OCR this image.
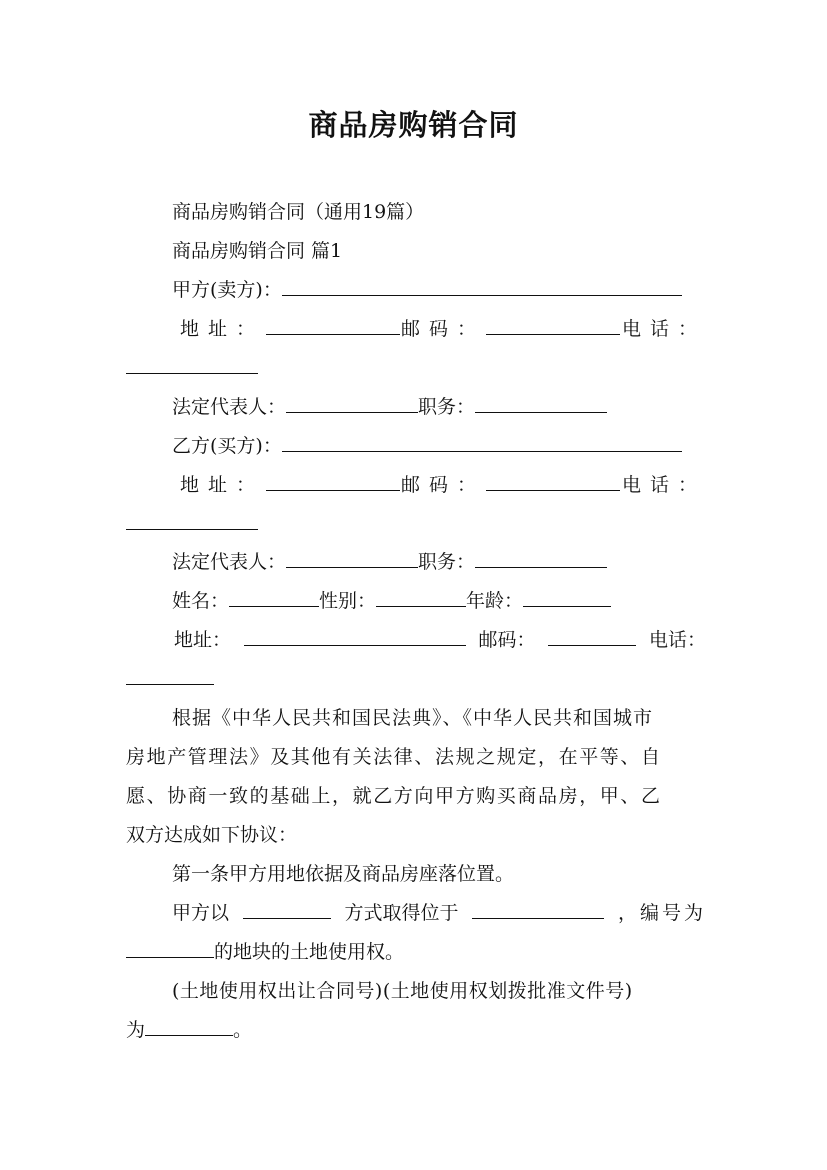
商品房购销合同
商品房购销合同（通用19篇）
商品房购销合同 篇1
甲方(卖方)：
地址：	邮码：	电话：
法定代表人：	职务：
乙方(买方)：
地址：	邮码：	电话：
法定代表人：	职务：
姓名：	性别：	年龄：
地址：	邮码：	电话：
根据《中华人民共和国民法典》、《中华人民共和国城市
房地产管理法》及其他有关法律、法规之规定，在平等、自
愿、协商一致的基础上，就乙方向甲方购买商品房，甲、乙
双方达成如下协议：
第一条甲方用地依据及商品房座落位置。
甲方以	方式取得位于	，编号为
的地块的土地使用权。
(土地使用权出让合同号)(土地使用权划拨批准文件号)
为	。
